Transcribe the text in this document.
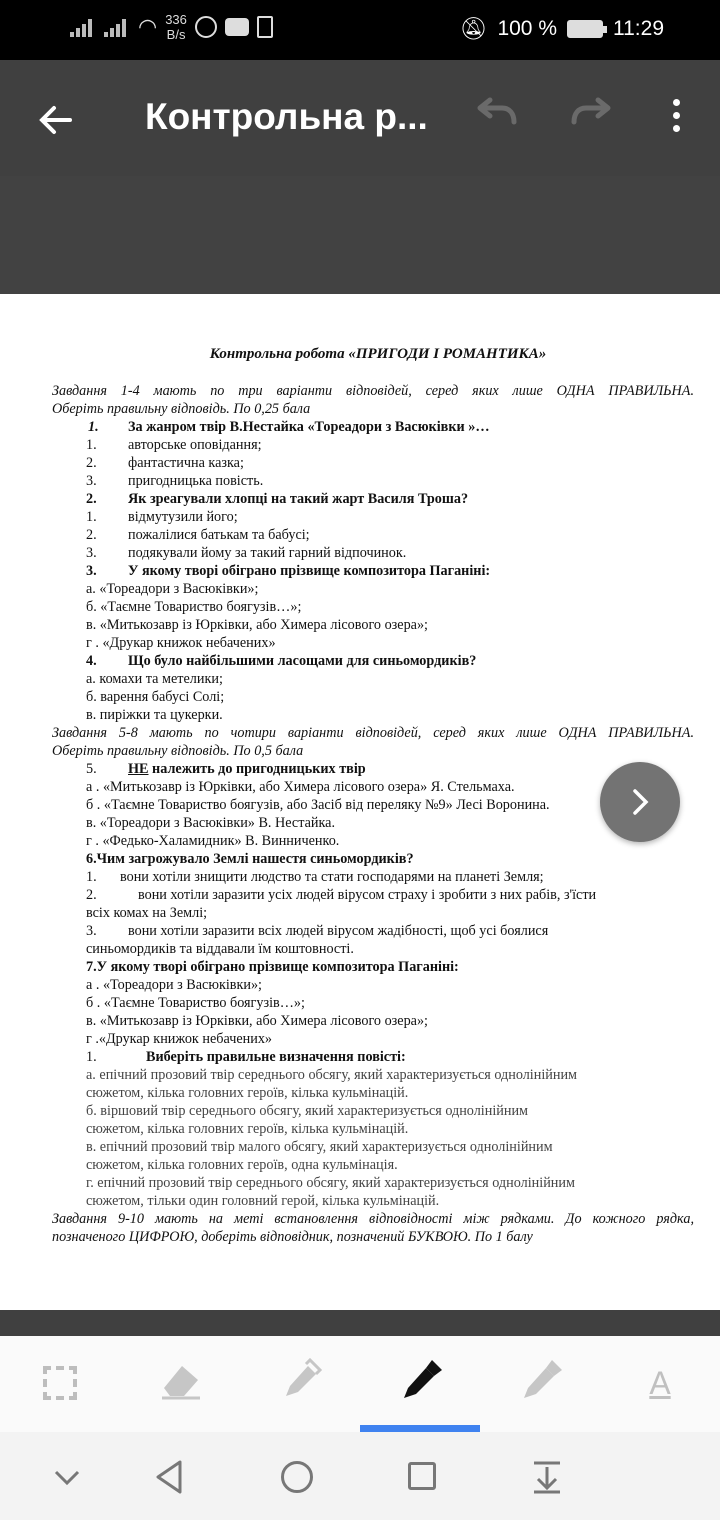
◠ 336
B/s	🔕︎ 100 %	11:29
Контрольна р...
Контрольна робота «ПРИГОДИ І РОМАНТИКА»
Завдання 1-4 мають по три варіанти відповідей, серед яких лише ОДНА ПРАВИЛЬНА.
Оберіть правильну відповідь. По 0,25 бала
1. За жанром твір В.Нестайка «Тореадори з Васюківки »…
1. авторське оповідання;
2. фантастична казка;
3. пригодницька повість.
2. Як зреагували хлопці на такий жарт Василя Троша?
1. відмутузили його;
2. пожалілися батькам та бабусі;
3. подякували йому за такий гарний відпочинок.
3. У якому творі обіграно прізвище композитора Паганіні:
а. «Тореадори з Васюківки»;
б. «Таємне Товариство боягузів…»;
в. «Митькозавр із Юрківки, або Химера лісового озера»;
г . «Друкар книжок небачених»
4. Що було найбільшими ласощами для синьомордиків?
а. комахи та метелики;
б. варення бабусі Солі;
в. пиріжки та цукерки.
Завдання 5-8 мають по чотири варіанти відповідей, серед яких лише ОДНА ПРАВИЛЬНА.
Оберіть правильну відповідь. По 0,5 бала
5. НЕ належить до пригодницьких твір
а . «Митькозавр із Юрківки, або Химера лісового озера» Я. Стельмаха.
б . «Таємне Товариство боягузів, або Засіб від переляку №9» Лесі Воронина.
в. «Тореадори з Васюківки» В. Нестайка.
г . «Федько-Халамидник» В. Винниченко.
6.Чим загрожувало Землі нашестя синьомордиків?
1. вони хотіли знищити людство та стати господарями на планеті Земля;
2.	вони хотіли заразити усіх людей вірусом страху і зробити з них рабів, з'їсти
всіх комах на Землі;
3. вони хотіли заразити всіх людей вірусом жадібності, щоб усі боялися
синьомордиків та віддавали їм коштовності.
7.У якому творі обіграно прізвище композитора Паганіні:
а . «Тореадори з Васюківки»;
б . «Таємне Товариство боягузів…»;
в. «Митькозавр із Юрківки, або Химера лісового озера»;
г .«Друкар книжок небачених»
1.	Виберіть правильне визначення повісті:
а. епічний прозовий твір середнього обсягу, який характеризується однолінійним
сюжетом, кілька головних героїв, кілька кульмінацій.
б. віршовий твір середнього обсягу, який характеризується однолінійним
сюжетом, кілька головних героїв, кілька кульмінацій.
в. епічний прозовий твір малого обсягу, який характеризується однолінійним
сюжетом, кілька головних героїв, одна кульмінація.
г. епічний прозовий твір середнього обсягу, який характеризується однолінійним
сюжетом, тільки один головний герой, кілька кульмінацій.
Завдання 9-10 мають на меті встановлення відповідності між рядками. До кожного рядка,
позначеного ЦИФРОЮ, доберіть відповідник, позначений БУКВОЮ. По 1 балу
A
